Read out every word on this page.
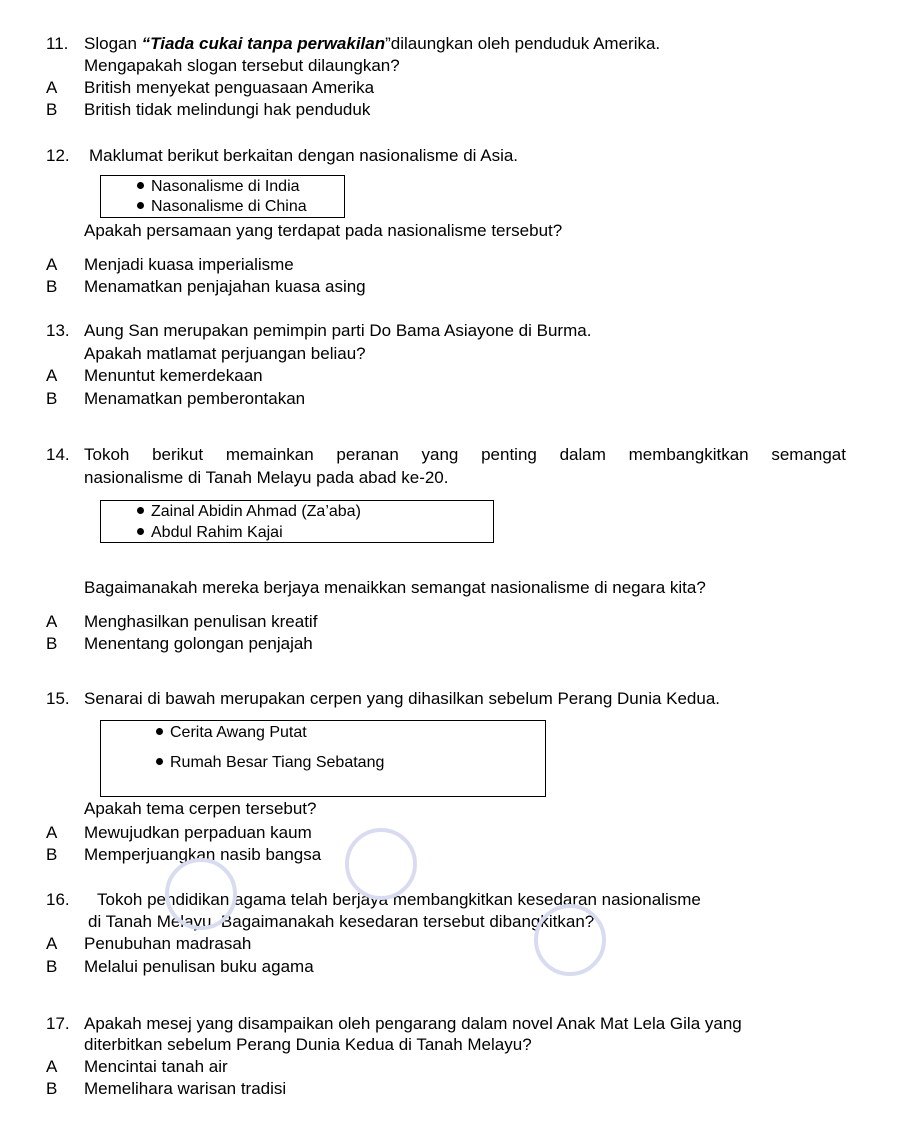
11. Slogan “Tiada cukai tanpa perwakilan”dilaungkan oleh penduduk Amerika.
Mengapakah slogan tersebut dilaungkan?
A British menyekat penguasaan Amerika
B British tidak melindungi hak penduduk
12. Maklumat berikut berkaitan dengan nasionalisme di Asia.
Nasonalisme di India
Nasonalisme di China
Apakah persamaan yang terdapat pada nasionalisme tersebut?
A Menjadi kuasa imperialisme
B Menamatkan penjajahan kuasa asing
13. Aung San merupakan pemimpin parti Do Bama Asiayone di Burma.
Apakah matlamat perjuangan beliau?
A Menuntut kemerdekaan
B Menamatkan pemberontakan
14. Tokoh berikut memainkan peranan yang penting dalam membangkitkan semangat
nasionalisme di Tanah Melayu pada abad ke-20.
Zainal Abidin Ahmad (Za’aba)
Abdul Rahim Kajai
Bagaimanakah mereka berjaya menaikkan semangat nasionalisme di negara kita?
A Menghasilkan penulisan kreatif
B Menentang golongan penjajah
15. Senarai di bawah merupakan cerpen yang dihasilkan sebelum Perang Dunia Kedua.
Cerita Awang Putat
Rumah Besar Tiang Sebatang
Apakah tema cerpen tersebut?
A Mewujudkan perpaduan kaum
B Memperjuangkan nasib bangsa
16. Tokoh pendidikan agama telah berjaya membangkitkan kesedaran nasionalisme
di Tanah Melayu. Bagaimanakah kesedaran tersebut dibangkitkan?
A Penubuhan madrasah
B Melalui penulisan buku agama
17. Apakah mesej yang disampaikan oleh pengarang dalam novel Anak Mat Lela Gila yang
diterbitkan sebelum Perang Dunia Kedua di Tanah Melayu?
A Mencintai tanah air
B Memelihara warisan tradisi
